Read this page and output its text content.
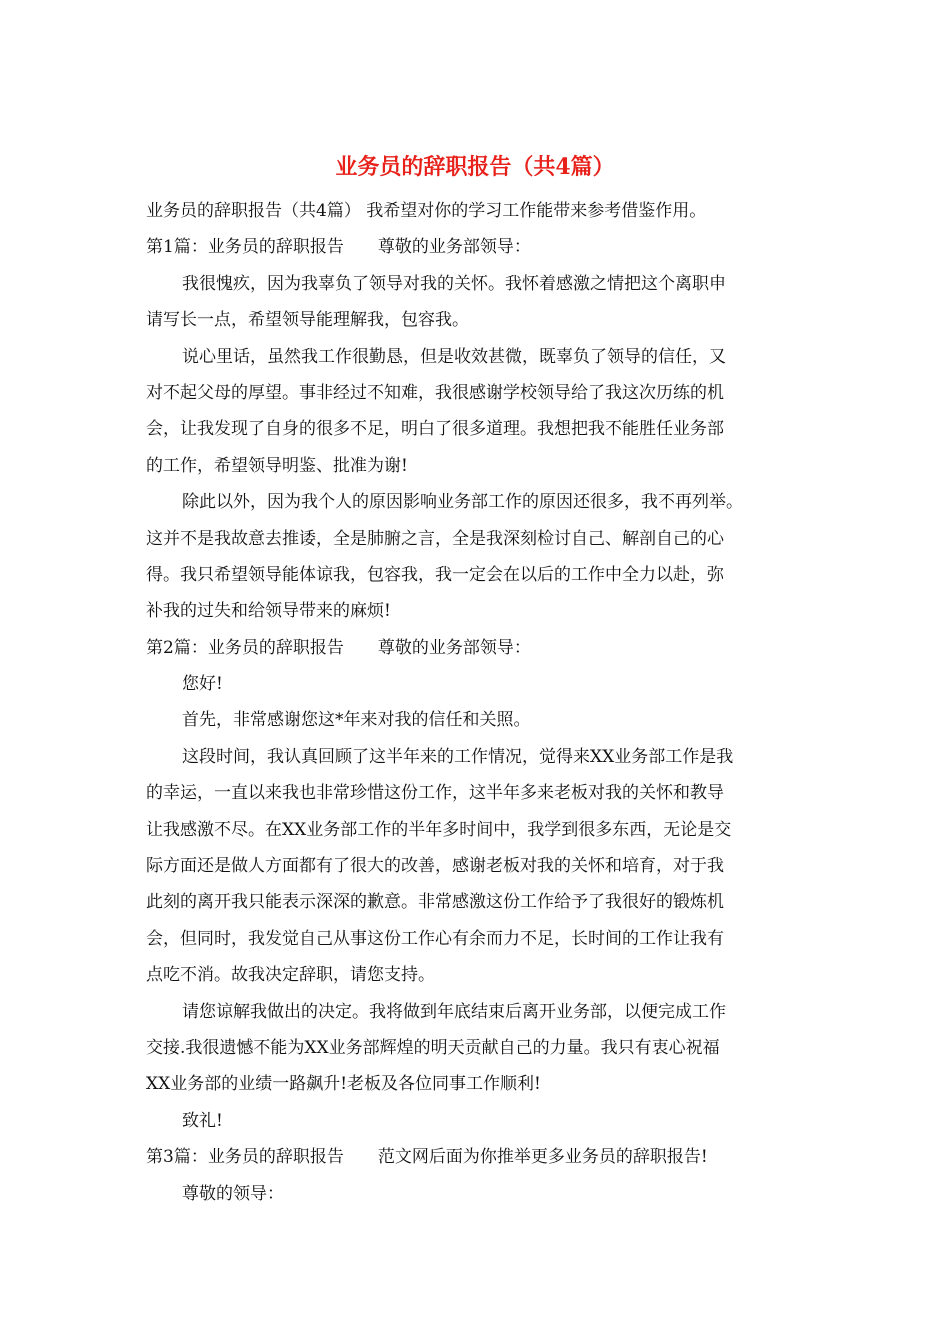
业务员的辞职报告（共4篇）
业务员的辞职报告（共4篇） 我希望对你的学习工作能带来参考借鉴作用。
第1篇：业务员的辞职报告 尊敬的业务部领导：
我很愧疚，因为我辜负了领导对我的关怀。我怀着感激之情把这个离职申
请写长一点，希望领导能理解我，包容我。
说心里话，虽然我工作很勤恳，但是收效甚微，既辜负了领导的信任，又
对不起父母的厚望。事非经过不知难，我很感谢学校领导给了我这次历练的机
会，让我发现了自身的很多不足，明白了很多道理。我想把我不能胜任业务部
的工作，希望领导明鉴、批准为谢!
除此以外，因为我个人的原因影响业务部工作的原因还很多，我不再列举。
这并不是我故意去推诿，全是肺腑之言，全是我深刻检讨自己、解剖自己的心
得。我只希望领导能体谅我，包容我，我一定会在以后的工作中全力以赴，弥
补我的过失和给领导带来的麻烦!
第2篇：业务员的辞职报告 尊敬的业务部领导：
您好!
首先，非常感谢您这*年来对我的信任和关照。
这段时间，我认真回顾了这半年来的工作情况，觉得来XX业务部工作是我
的幸运，一直以来我也非常珍惜这份工作，这半年多来老板对我的关怀和教导
让我感激不尽。在XX业务部工作的半年多时间中，我学到很多东西，无论是交
际方面还是做人方面都有了很大的改善，感谢老板对我的关怀和培育，对于我
此刻的离开我只能表示深深的歉意。非常感激这份工作给予了我很好的锻炼机
会，但同时，我发觉自己从事这份工作心有余而力不足，长时间的工作让我有
点吃不消。故我决定辞职，请您支持。
请您谅解我做出的决定。我将做到年底结束后离开业务部，以便完成工作
交接.我很遗憾不能为XX业务部辉煌的明天贡献自己的力量。我只有衷心祝福
XX业务部的业绩一路飙升!老板及各位同事工作顺利!
致礼!
第3篇：业务员的辞职报告 范文网后面为你推举更多业务员的辞职报告!
尊敬的领导：
